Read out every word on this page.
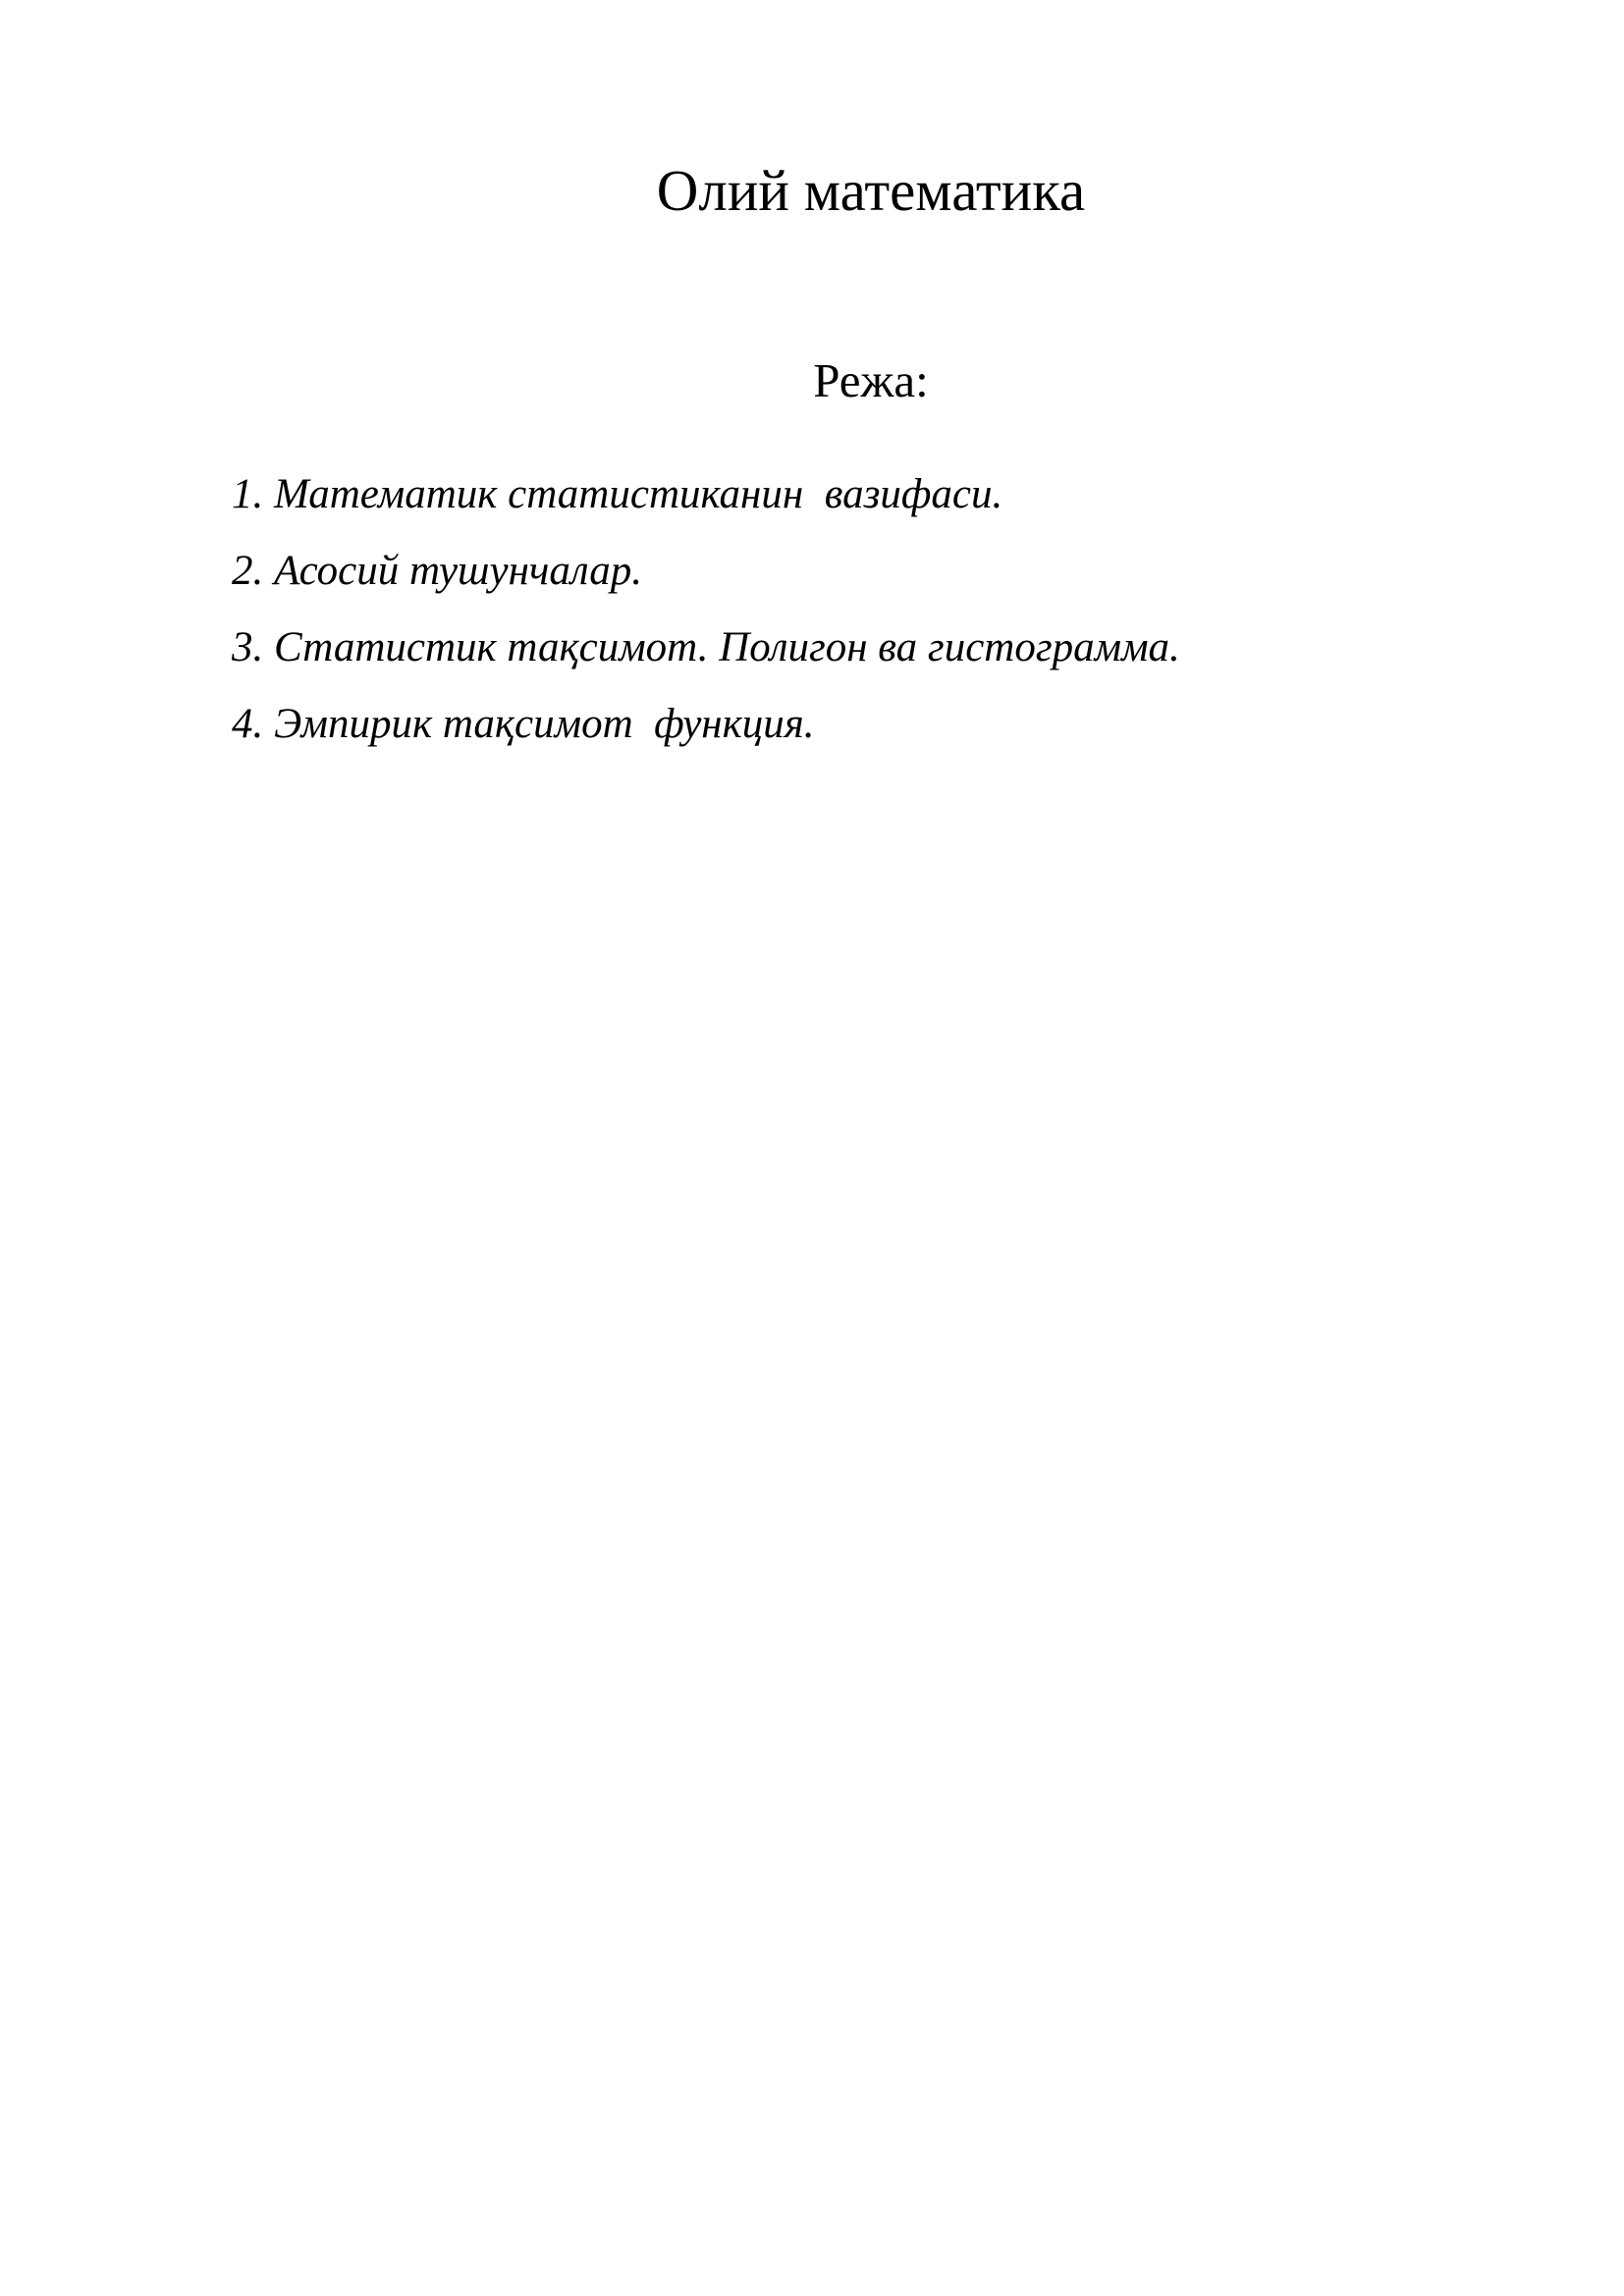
Олий математика
Режа:
1. Математик статистиканин  вазифаси.
2. Асосий тушунчалар.
3. Статистик тақсимот. Полигон ва гистограмма.
4. Эмпирик тақсимот  функция.
